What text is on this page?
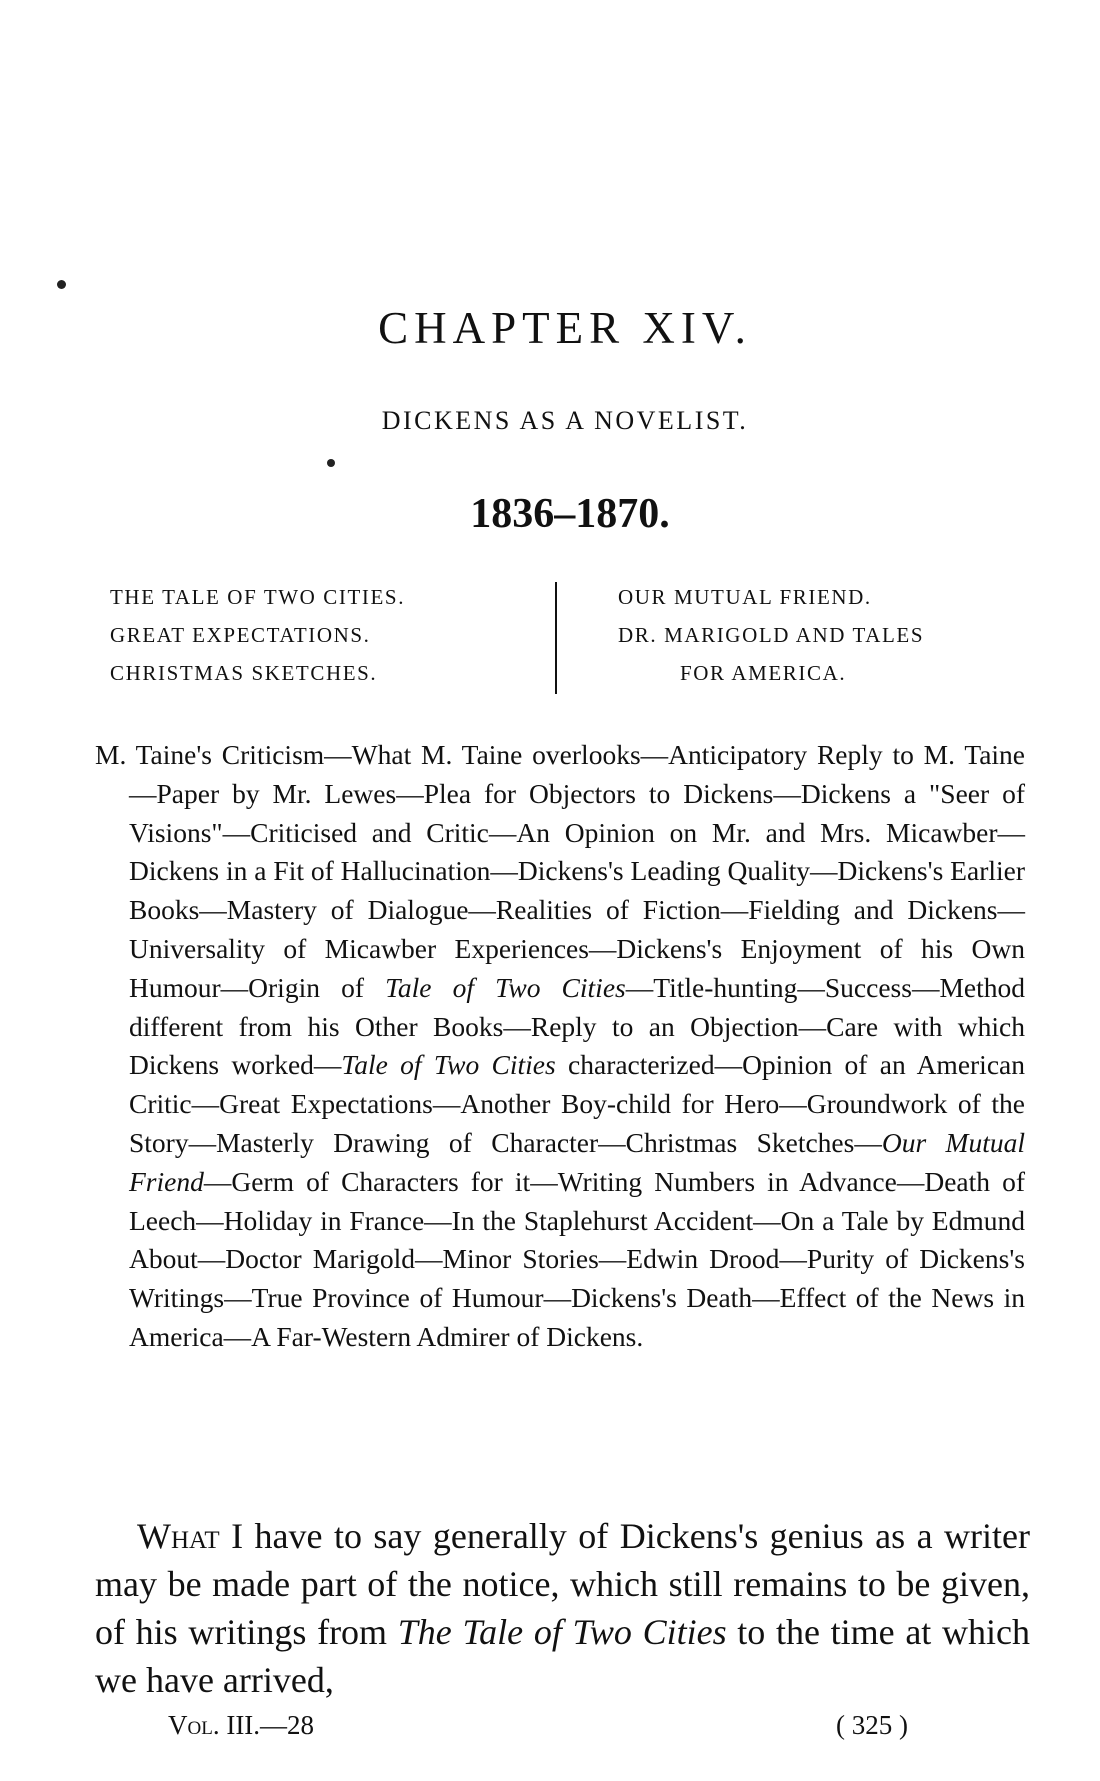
CHAPTER XIV.
DICKENS AS A NOVELIST.
1836–1870.
THE TALE OF TWO CITIES.
GREAT EXPECTATIONS.
CHRISTMAS SKETCHES.
OUR MUTUAL FRIEND.
DR. MARIGOLD AND TALES
FOR AMERICA.
M. Taine's Criticism—What M. Taine overlooks—Anticipatory Reply to M. Taine—Paper by Mr. Lewes—Plea for Objectors to Dickens—Dickens a "Seer of Visions"—Criticised and Critic—An Opinion on Mr. and Mrs. Micawber—Dickens in a Fit of Hallucination—Dickens's Leading Quality—Dickens's Earlier Books—Mastery of Dialogue—Realities of Fiction—Fielding and Dickens—Universality of Micawber Experiences—Dickens's Enjoyment of his Own Humour—Origin of Tale of Two Cities—Title-hunting—Success—Method different from his Other Books—Reply to an Objection—Care with which Dickens worked—Tale of Two Cities characterized—Opinion of an American Critic—Great Expectations—Another Boy-child for Hero—Groundwork of the Story—Masterly Drawing of Character—Christmas Sketches—Our Mutual Friend—Germ of Characters for it—Writing Numbers in Advance—Death of Leech—Holiday in France—In the Staplehurst Accident—On a Tale by Edmund About—Doctor Marigold—Minor Stories—Edwin Drood—Purity of Dickens's Writings—True Province of Humour—Dickens's Death—Effect of the News in America—A Far-Western Admirer of Dickens.
What I have to say generally of Dickens's genius as a writer may be made part of the notice, which still remains to be given, of his writings from The Tale of Two Cities to the time at which we have arrived,
Vol. III.—28	( 325 )
